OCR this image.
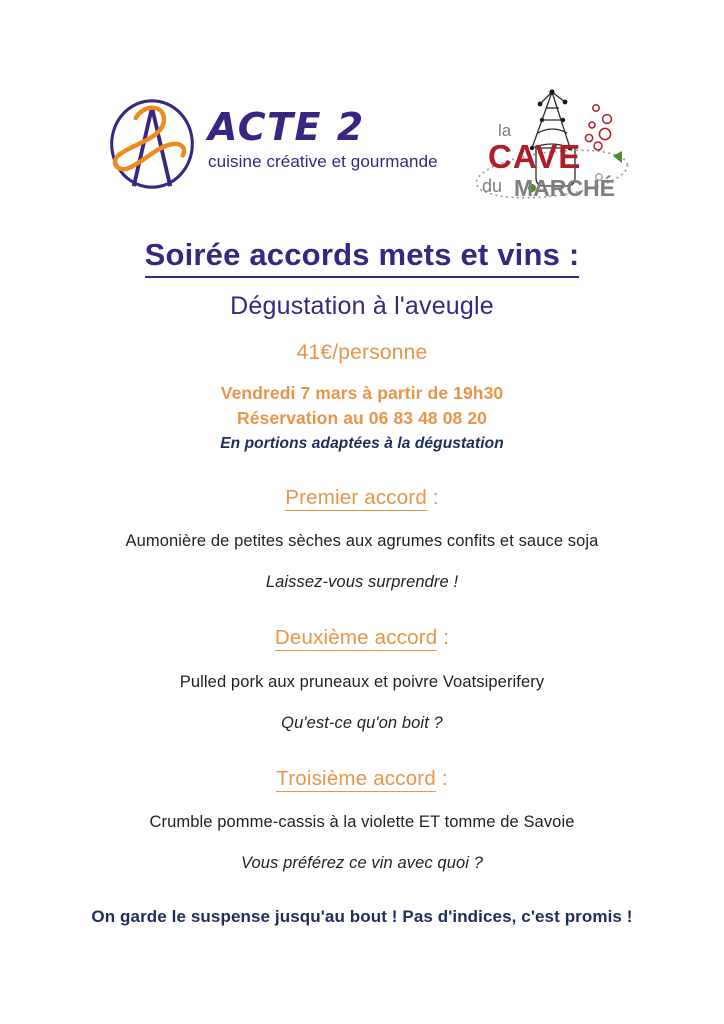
ACTE 2
cuisine créative et gourmande
la
CAVE
du MARCHÉ
Soirée accords mets et vins :
Dégustation à l'aveugle
41€/personne
Vendredi 7 mars à partir de 19h30
Réservation au 06 83 48 08 20
En portions adaptées à la dégustation
Premier accord :
Aumonière de petites sèches aux agrumes confits et sauce soja
Laissez-vous surprendre !
Deuxième accord :
Pulled pork aux pruneaux et poivre Voatsiperifery
Qu'est-ce qu'on boit ?
Troisième accord :
Crumble pomme-cassis à la violette ET tomme de Savoie
Vous préférez ce vin avec quoi ?
On garde le suspense jusqu'au bout ! Pas d'indices, c'est promis !
